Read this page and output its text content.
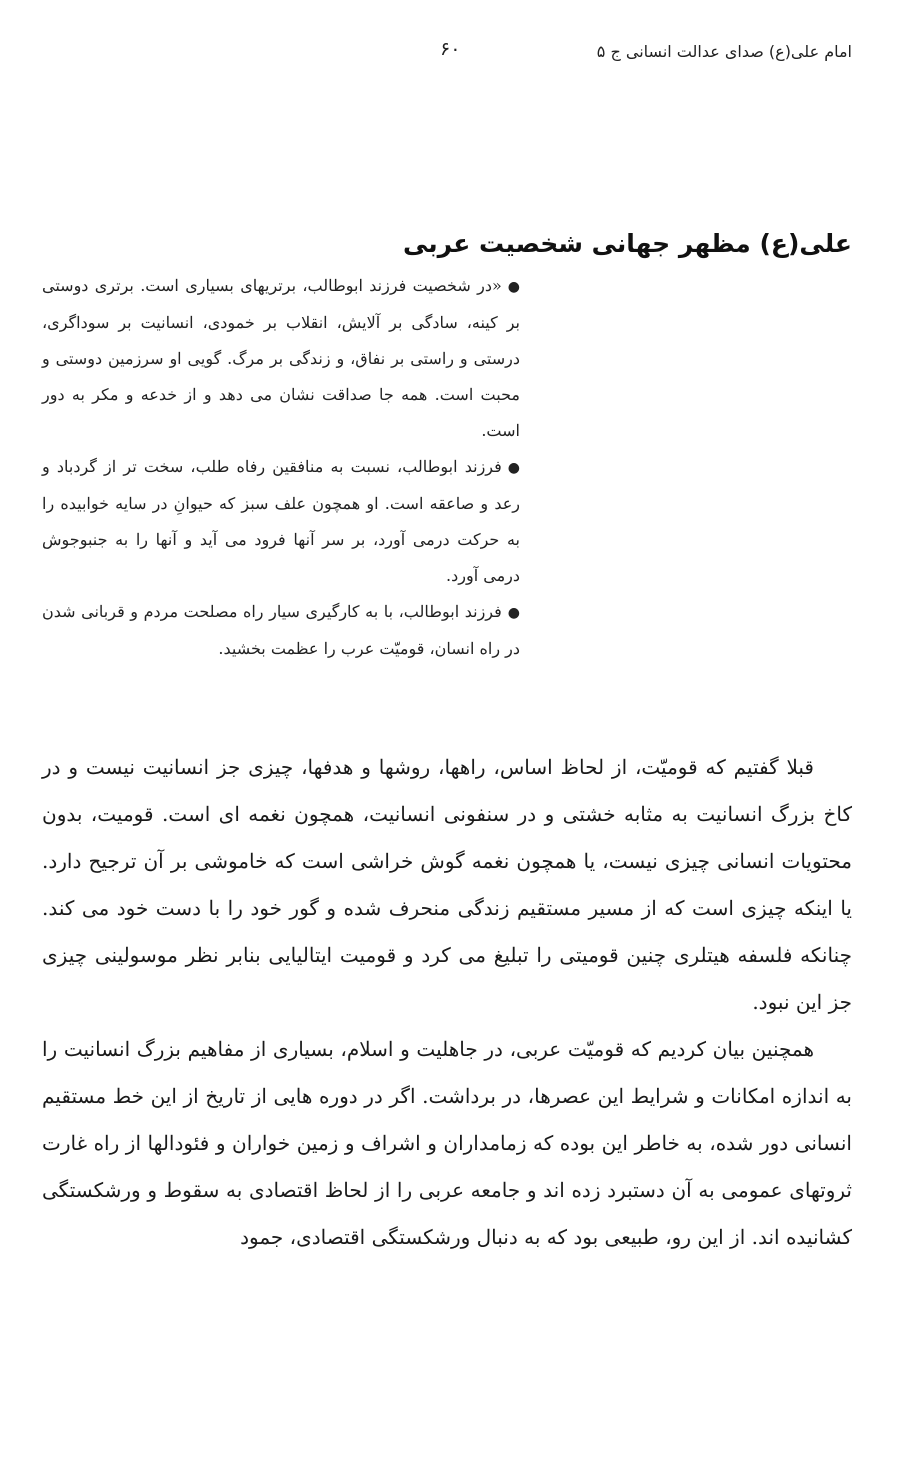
امام علی(ع) صدای عدالت انسانی ج ۵
۶۰
علی(ع) مظهر جهانی شخصیت عربی

●«در شخصیت فرزند ابوطالب، برتریهای بسیاری است. برتری دوستی بر کینه، سادگی بر آلایش، انقلاب بر خمودی، انسانیت بر سوداگری، درستی و راستی بر نفاق، و زندگی بر مرگ. گویی او سرزمین دوستی و محبت است. همه جا صداقت نشان می دهد و از خدعه و مکر به دور است.

●فرزند ابوطالب، نسبت به منافقین رفاه طلب، سخت تر از گردباد و رعد و صاعقه است. او همچون علف سبز که حیوانِ در سایه خوابیده را به حرکت درمی آورد، بر سر آنها فرود می آید و آنها را به جنبوجوش درمی آورد.

●فرزند ابوطالب، با به کارگیری سیار راه مصلحت مردم و قربانی شدن در راه انسان، قومیّت عرب را عظمت بخشید.

قبلا گفتیم که قومیّت، از لحاظ اساس، راهها، روشها و هدفها، چیزی جز انسانیت نیست و در کاخ بزرگ انسانیت به مثابه خشتی و در سنفونی انسانیت، همچون نغمه ای است. قومیت، بدون محتویات انسانی چیزی نیست، یا همچون نغمه گوش خراشی است که خاموشی بر آن ترجیح دارد. یا اینکه چیزی است که از مسیر مستقیم زندگی منحرف شده و گور خود را با دست خود می کند. چنانکه فلسفه هیتلری چنین قومیتی را تبلیغ می کرد و قومیت ایتالیایی بنابر نظر موسولینی چیزی جز این نبود.

همچنین بیان کردیم که قومیّت عربی، در جاهلیت و اسلام، بسیاری از مفاهیم بزرگ انسانیت را به اندازه امکانات و شرایط این عصرها، در برداشت. اگر در دوره هایی از تاریخ از این خط مستقیم انسانی دور شده، به خاطر این بوده که زمامداران و اشراف و زمین خواران و فئودالها از راه غارت ثروتهای عمومی به آن دستبرد زده اند و جامعه عربی را از لحاظ اقتصادی به سقوط و ورشکستگی کشانیده اند. از این رو، طبیعی بود که به دنبال ورشکستگی اقتصادی، جمود
